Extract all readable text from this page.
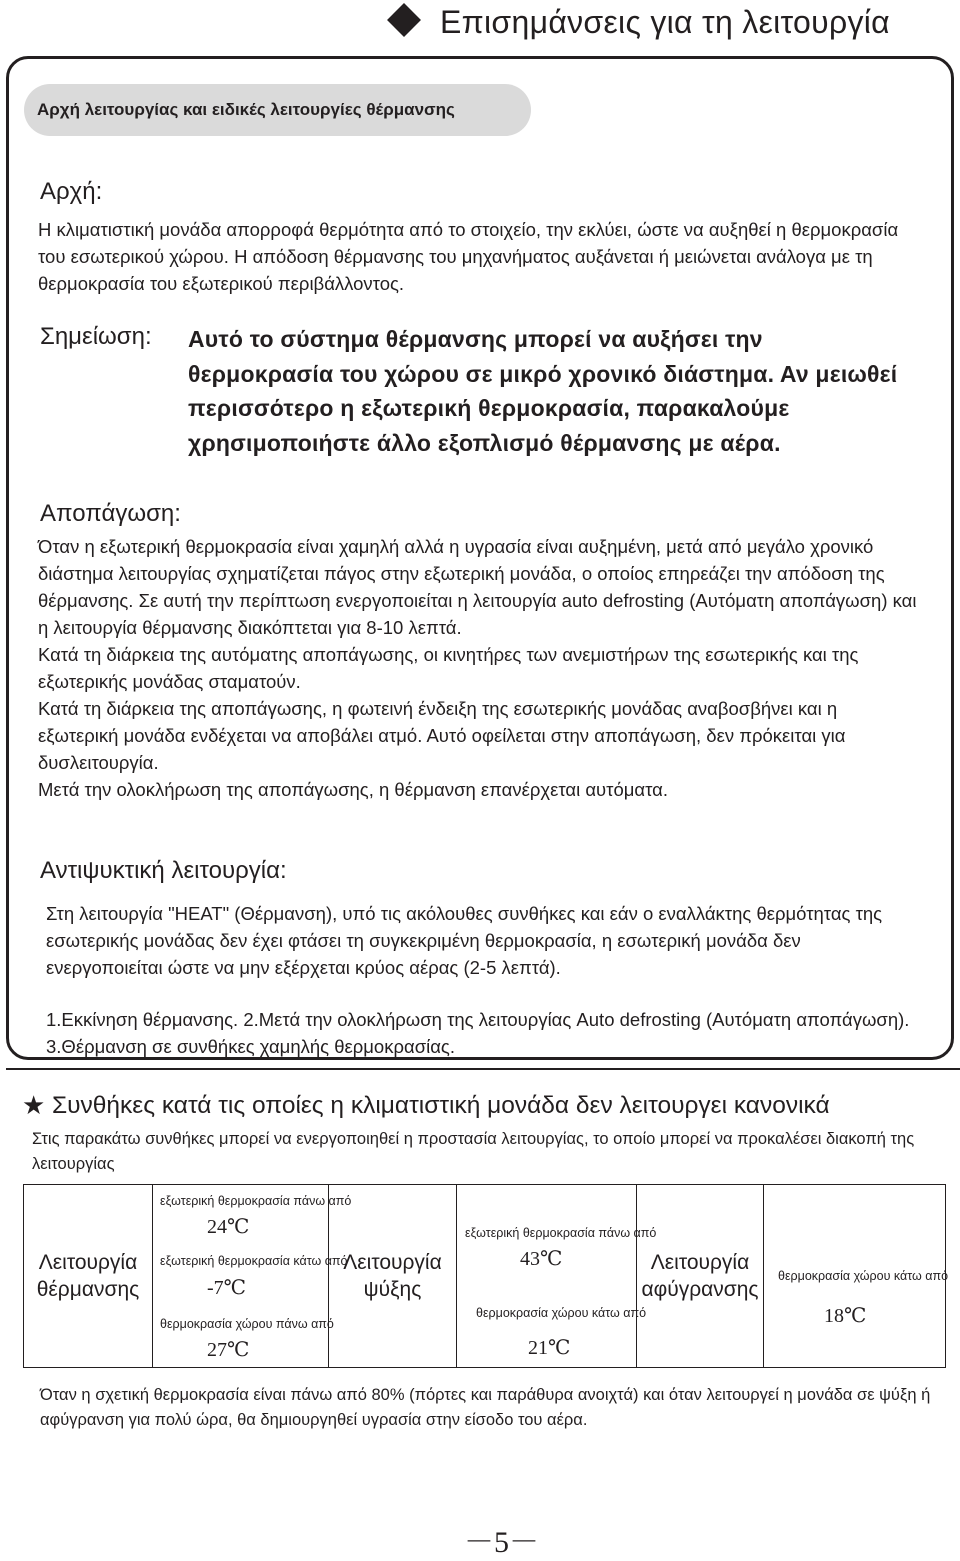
Επισημάνσεις για τη λειτουργία
Αρχή λειτουργίας και ειδικές λειτουργίες θέρμανσης
Αρχή:
Η κλιματιστική μονάδα απορροφά θερμότητα από το στοιχείο, την εκλύει, ώστε να αυξηθεί η θερμοκρασία του εσωτερικού χώρου. Η απόδοση θέρμανσης του μηχανήματος αυξάνεται ή μειώνεται ανάλογα με τη θερμοκρασία του εξωτερικού περιβάλλοντος.
Σημείωση: Αυτό το σύστημα θέρμανσης μπορεί να αυξήσει την θερμοκρασία του χώρου σε μικρό χρονικό διάστημα. Αν μειωθεί περισσότερο η εξωτερική θερμοκρασία, παρακαλούμε χρησιμοποιήστε άλλο εξοπλισμό θέρμανσης με αέρα.
Αποπάγωση:

Όταν η εξωτερική θερμοκρασία είναι χαμηλή αλλά η υγρασία είναι αυξημένη, μετά από μεγάλο χρονικό διάστημα λειτουργίας σχηματίζεται πάγος στην εξωτερική μονάδα, ο οποίος επηρεάζει την απόδοση της θέρμανσης. Σε αυτή την περίπτωση ενεργοποιείται η λειτουργία auto defrosting (Αυτόματη αποπάγωση) και η λειτουργία θέρμανσης διακόπτεται για 8-10 λεπτά.

Κατά τη διάρκεια της αυτόματης αποπάγωσης, οι κινητήρες των ανεμιστήρων της εσωτερικής και της εξωτερικής μονάδας σταματούν.

Κατά τη διάρκεια της αποπάγωσης, η φωτεινή ένδειξη της εσωτερικής μονάδας αναβοσβήνει και η εξωτερική μονάδα ενδέχεται να αποβάλει ατμό. Αυτό οφείλεται στην αποπάγωση, δεν πρόκειται για δυσλειτουργία.

Μετά την ολοκλήρωση της αποπάγωσης, η θέρμανση επανέρχεται αυτόματα.

Αντιψυκτική λειτουργία:
Στη λειτουργία "HEAT" (Θέρμανση), υπό τις ακόλουθες συνθήκες και εάν ο εναλλάκτης θερμότητας της εσωτερικής μονάδας δεν έχει φτάσει τη συγκεκριμένη θερμοκρασία, η εσωτερική μονάδα δεν ενεργοποιείται ώστε να μην εξέρχεται κρύος αέρας (2-5 λεπτά).
1.Εκκίνηση θέρμανσης. 2.Μετά την ολοκλήρωση της λειτουργίας Auto defrosting (Αυτόματη αποπάγωση). 3.Θέρμανση σε συνθήκες χαμηλής θερμοκρασίας.
★ Συνθήκες κατά τις οποίες η κλιματιστική μονάδα δεν λειτουργει κανονικά
Στις παρακάτω συνθήκες μπορεί να ενεργοποιηθεί η προστασία λειτουργίας, το οποίο μπορεί να προκαλέσει διακοπή της λειτουργίας
Λειτουργία θέρμανσης
εξωτερική θερμοκρασία πάνω από
24℃
εξωτερική θερμοκρασία κάτω από
-7℃
θερμοκρασία χώρου πάνω από
27℃
Λειτουργία ψύξης
εξωτερική θερμοκρασία πάνω από
43℃
θερμοκρασία χώρου κάτω από
21℃
Λειτουργία αφύγρανσης
θερμοκρασία χώρου κάτω από
18℃
Όταν η σχετική θερμοκρασία είναι πάνω από 80% (πόρτες και παράθυρα ανοιχτά) και όταν λειτουργεί η μονάδα σε ψύξη ή αφύγρανση για πολύ ώρα, θα δημιουργηθεί υγρασία στην είσοδο του αέρα.
－5－
